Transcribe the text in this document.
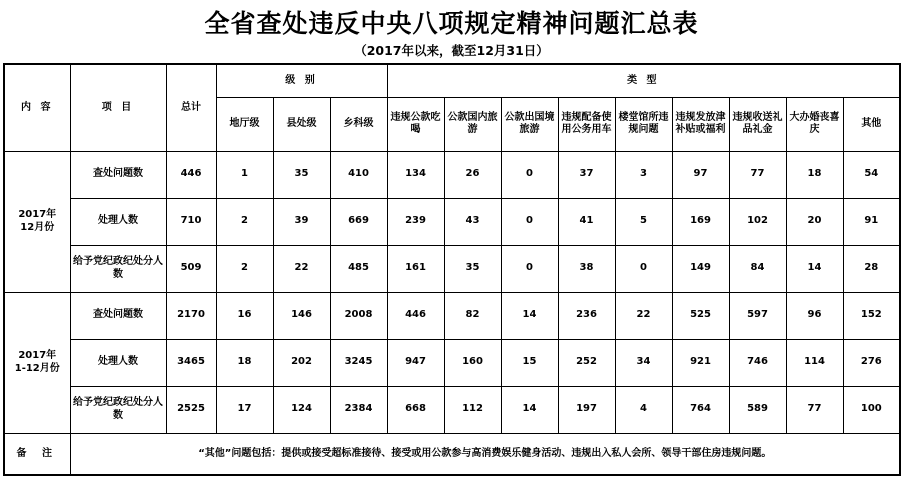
全省查处违反中央八项规定精神问题汇总表
（2017年以来，截至12月31日）
内 容	项 目	总计	级 别			类 型								
			地厅级	县处级	乡科级	违规公款吃喝	公款国内旅游	公款出国境旅游	违规配备使用公务用车	楼堂馆所违规问题	违规发放津补贴或福利	违规收送礼品礼金	大办婚丧喜庆	其他
2017年
12月份	查处问题数	446	1	35	410	134	26	0	37	3	97	77	18	54
	处理人数	710	2	39	669	239	43	0	41	5	169	102	20	91
	给予党纪政纪处分人数	509	2	22	485	161	35	0	38	0	149	84	14	28
2017年
1-12月份	查处问题数	2170	16	146	2008	446	82	14	236	22	525	597	96	152
	处理人数	3465	18	202	3245	947	160	15	252	34	921	746	114	276
	给予党纪政纪处分人数	2525	17	124	2384	668	112	14	197	4	764	589	77	100
备 注	“其他”问题包括：提供或接受超标准接待、接受或用公款参与高消费娱乐健身活动、违规出入私人会所、领导干部住房违规问题。													
